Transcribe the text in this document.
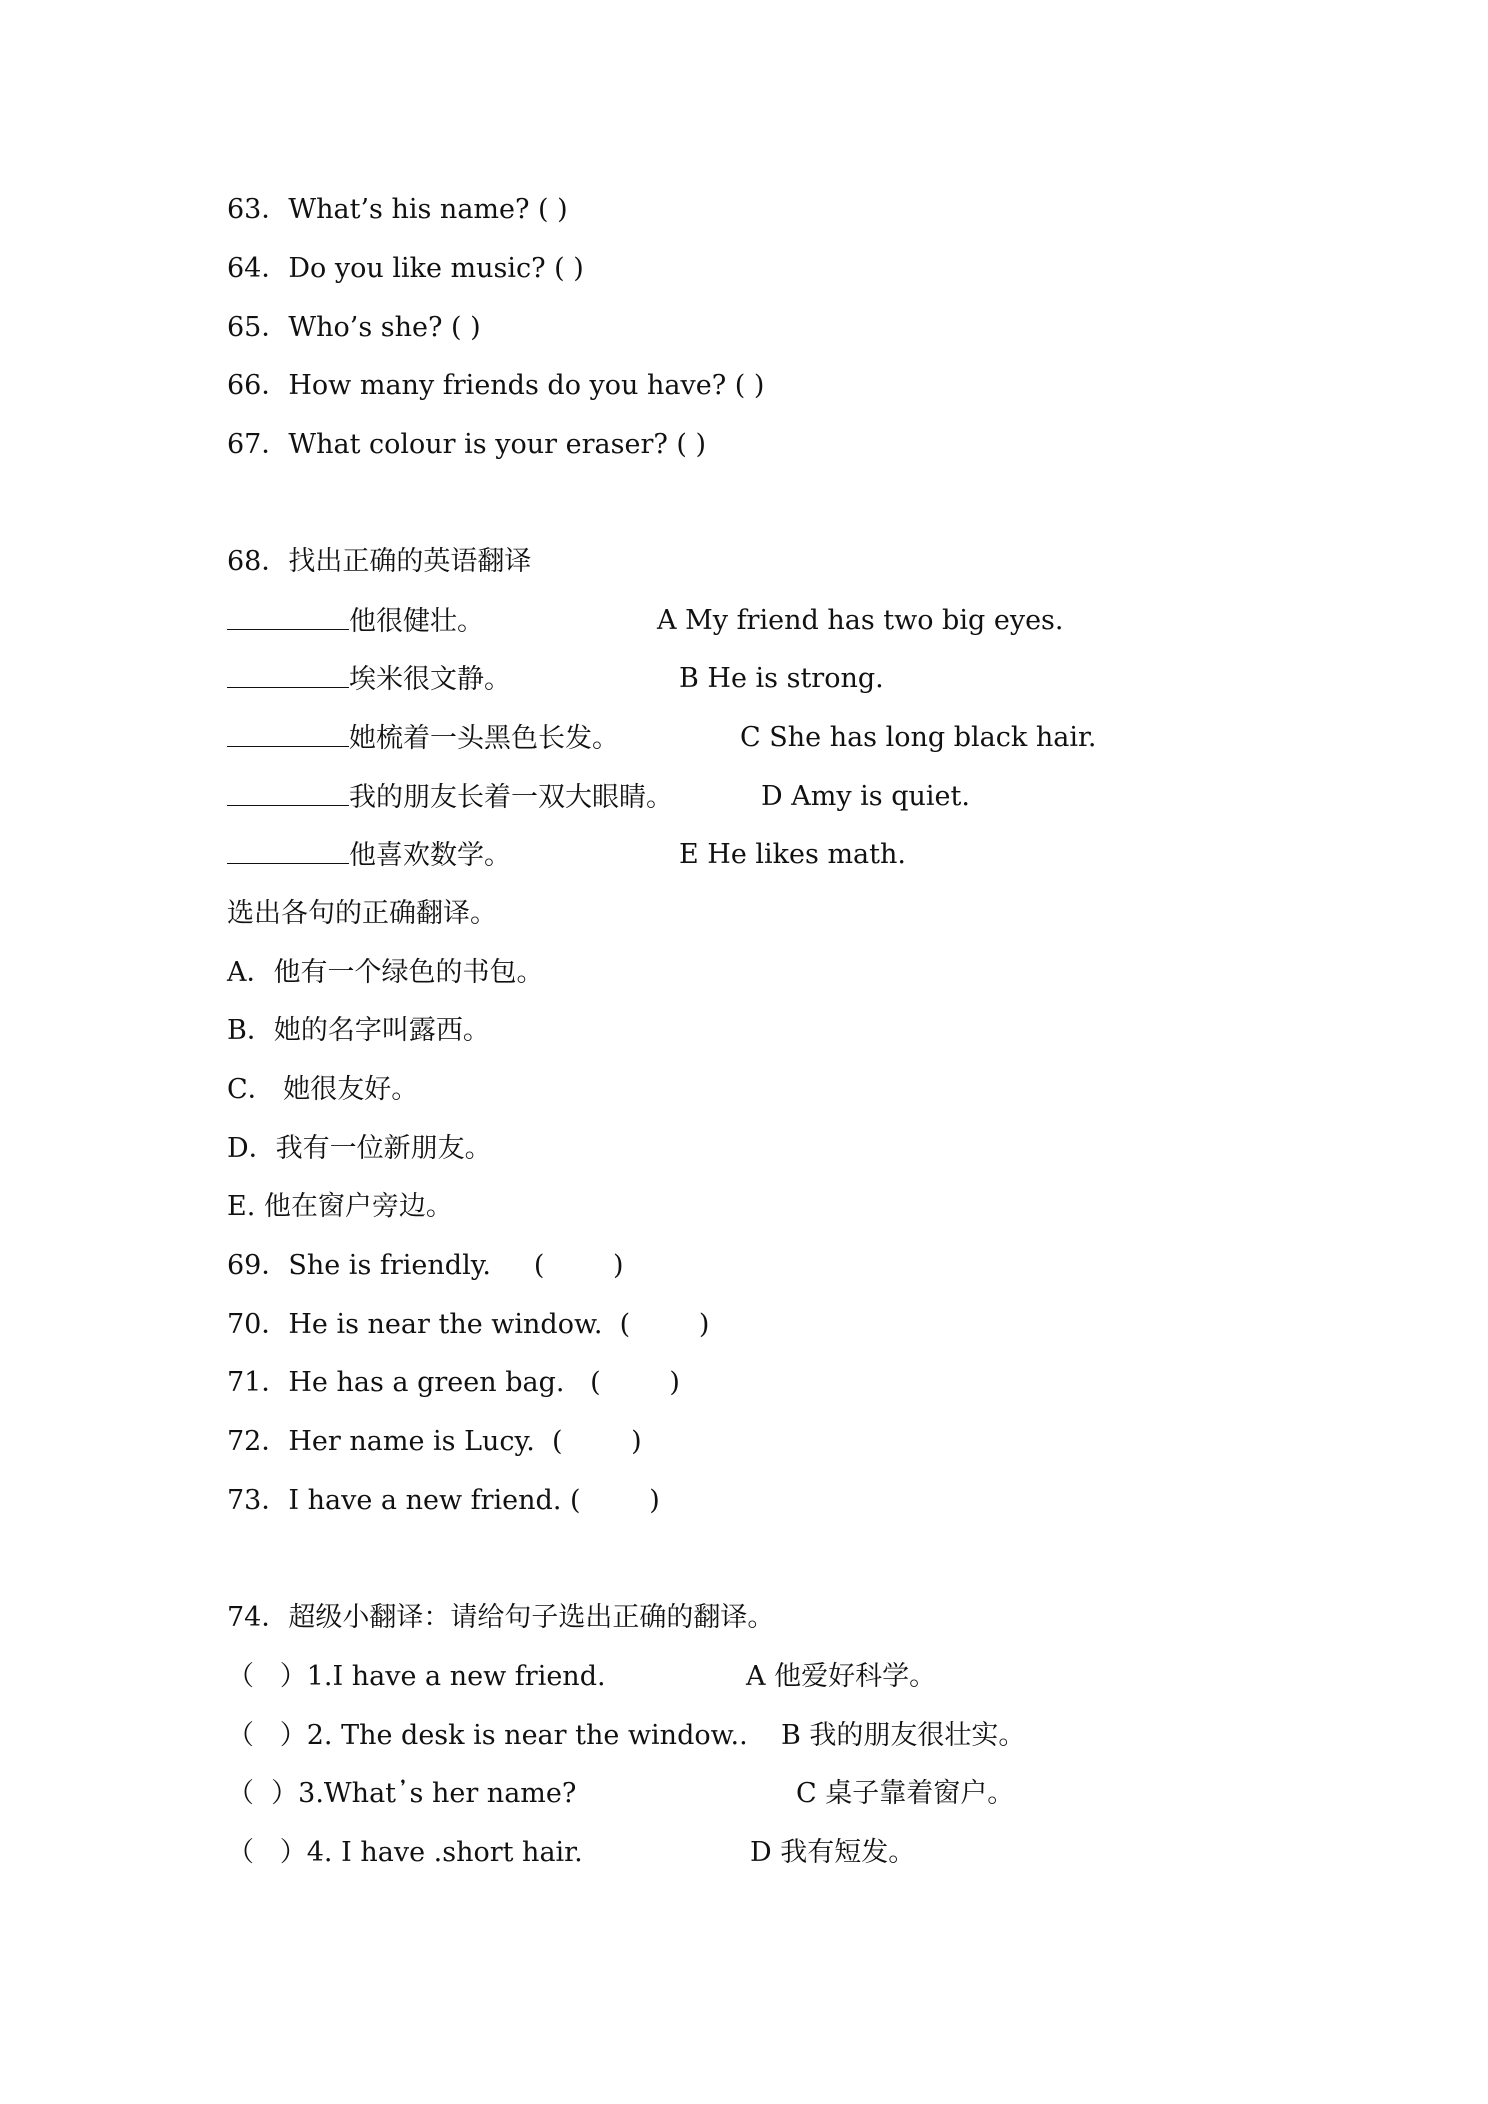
63．What’s his name? ( )
64．Do you like music? ( )
65．Who’s she? ( )
66．How many friends do you have? ( )
67．What colour is your eraser? ( )
68．找出正确的英语翻译
他很健壮。	A My friend has two big eyes.
埃米很文静。	B He is strong.
她梳着一头黑色长发。	C She has long black hair.
我的朋友长着一双大眼睛。	D Amy is quiet.
他喜欢数学。	E He likes math.
选出各句的正确翻译。
A．他有一个绿色的书包。
B．她的名字叫露西。
C． 她很友好。
D．我有一位新朋友。
E. 他在窗户旁边。
69．She is friendly.     (        )
70．He is near the window.  (        )
71．He has a green bag.   (        )
72．Her name is Lucy.  (        )
73．I have a new friend. (        )
74．超级小翻译：请给句子选出正确的翻译。
（   ）1.I have a new friend.	A 他爱好科学。
（   ）2. The desk is near the window.. B 我的朋友很壮实。
（  ）3.What᾿s her name?	C 桌子靠着窗户。
（   ）4. I have .short hair.	D 我有短发。
